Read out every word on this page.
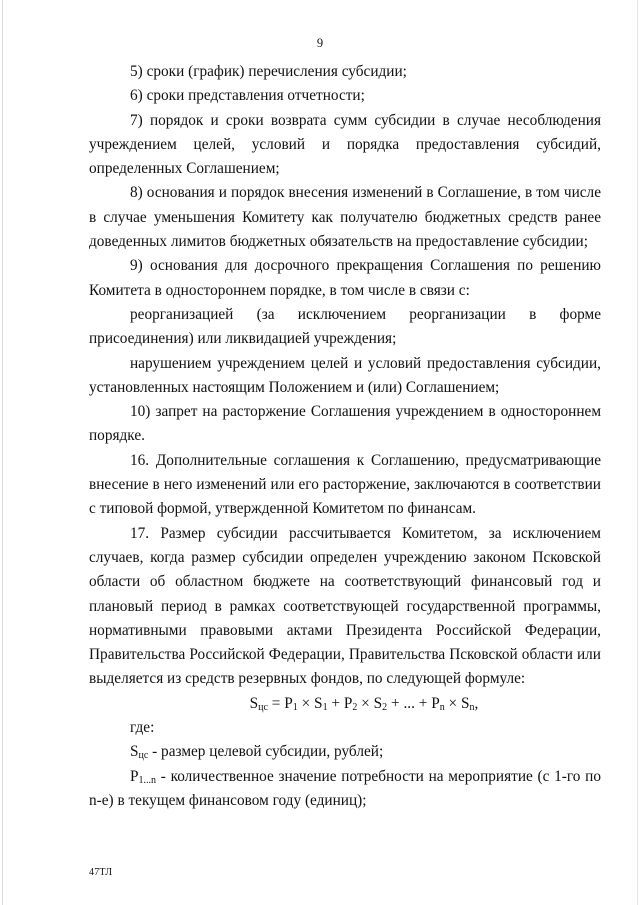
9

5) сроки (график) перечисления субсидии;

6) сроки представления отчетности;

7) порядок и сроки возврата сумм субсидии в случае несоблюдения учреждением целей, условий и порядка предоставления субсидий, определенных Соглашением;

8) основания и порядок внесения изменений в Соглашение, в том числе в случае уменьшения Комитету как получателю бюджетных средств ранее доведенных лимитов бюджетных обязательств на предоставление субсидии;

9) основания для досрочного прекращения Соглашения по решению Комитета в одностороннем порядке, в том числе в связи с:

реорганизацией (за исключением реорганизации в форме присоединения) или ликвидацией учреждения;

нарушением учреждением целей и условий предоставления субсидии, установленных настоящим Положением и (или) Соглашением;

10) запрет на расторжение Соглашения учреждением в одностороннем порядке.

16. Дополнительные соглашения к Соглашению, предусматривающие внесение в него изменений или его расторжение, заключаются в соответствии с типовой формой, утвержденной Комитетом по финансам.

17. Размер субсидии рассчитывается Комитетом, за исключением случаев, когда размер субсидии определен учреждению законом Псковской области об областном бюджете на соответствующий финансовый год и плановый период в рамках соответствующей государственной программы, нормативными правовыми актами Президента Российской Федерации, Правительства Российской Федерации, Правительства Псковской области или выделяется из средств резервных фондов, по следующей формуле:

$S_{цс} = P_1 \times S_1 + P_2 \times S_2$ + ... + $P_n \times S_n$,

где:

$S_{цс}$ - размер целевой субсидии, рублей;

$P_{1...n}$ - количественное значение потребности на мероприятие (с 1-го по n-е) в текущем финансовом году (единиц);

47ТЛ
